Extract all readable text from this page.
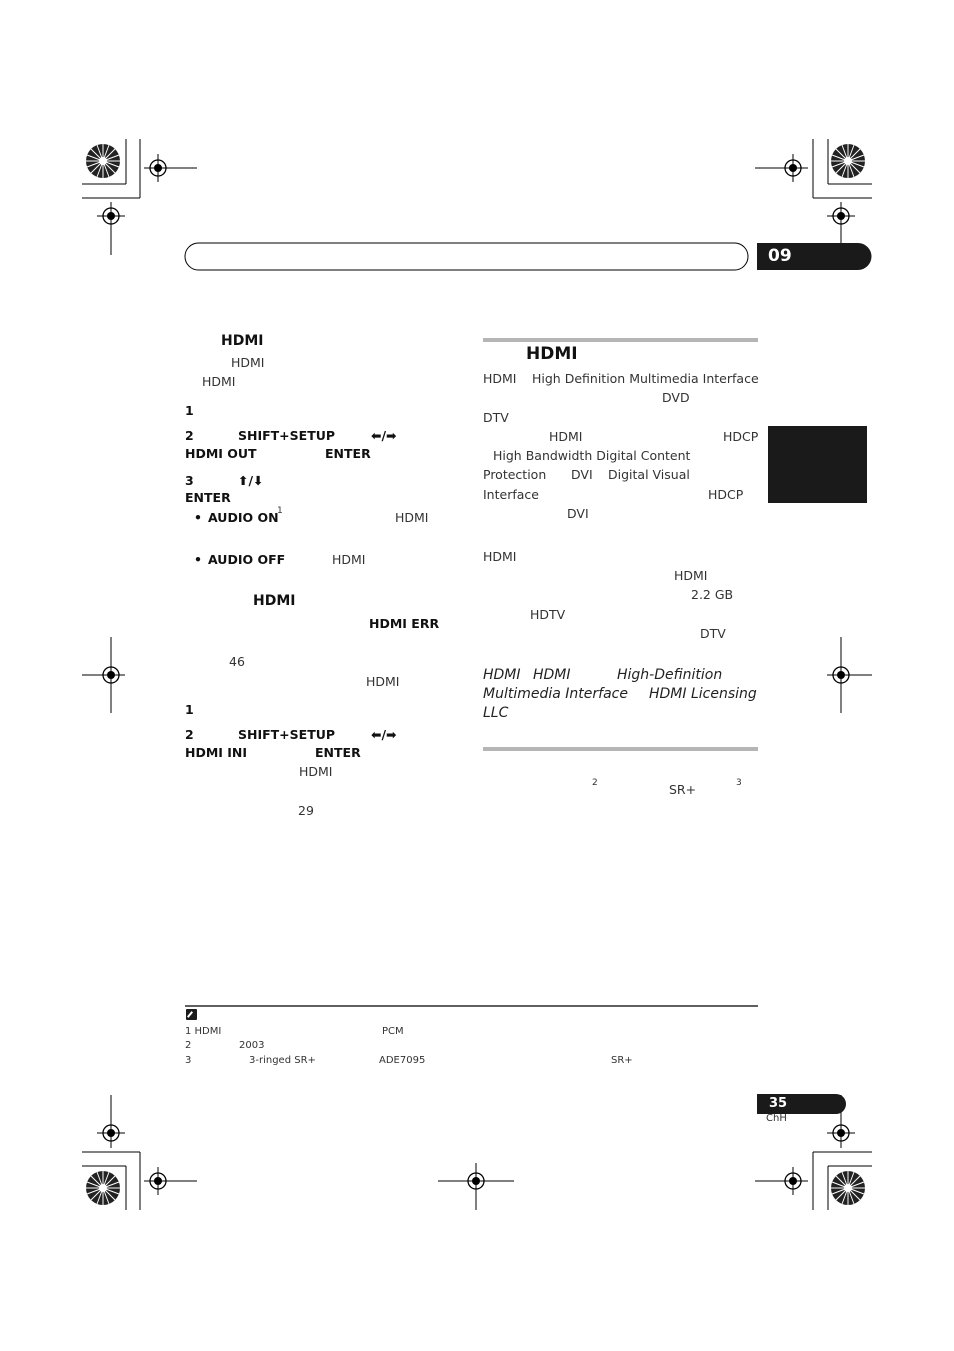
09
HDMI
HDMI
HDMI
1
2	SHIFT+SETUP	⬅/➡
HDMI OUT	ENTER
3	⬆/⬇
ENTER
• AUDIO ON
1	HDMI
• AUDIO OFF	HDMI
HDMI
HDMI ERR
46
HDMI
1
2	SHIFT+SETUP	⬅/➡
HDMI INI	ENTER
HDMI
29
HDMI
HDMI High Definition Multimedia Interface
DVD
DTV
HDMI	HDCP
High Bandwidth Digital Content
Protection DVI Digital Visual
Interface	HDCP
DVI
HDMI
HDMI
2.2 GB
HDTV
DTV
HDMI HDMI	High-Definition
Multimedia Interface HDMI Licensing
LLC
2	SR+	3
1 HDMI	PCM
2	2003
3	3-ringed SR+	ADE7095	SR+
35
ChH
